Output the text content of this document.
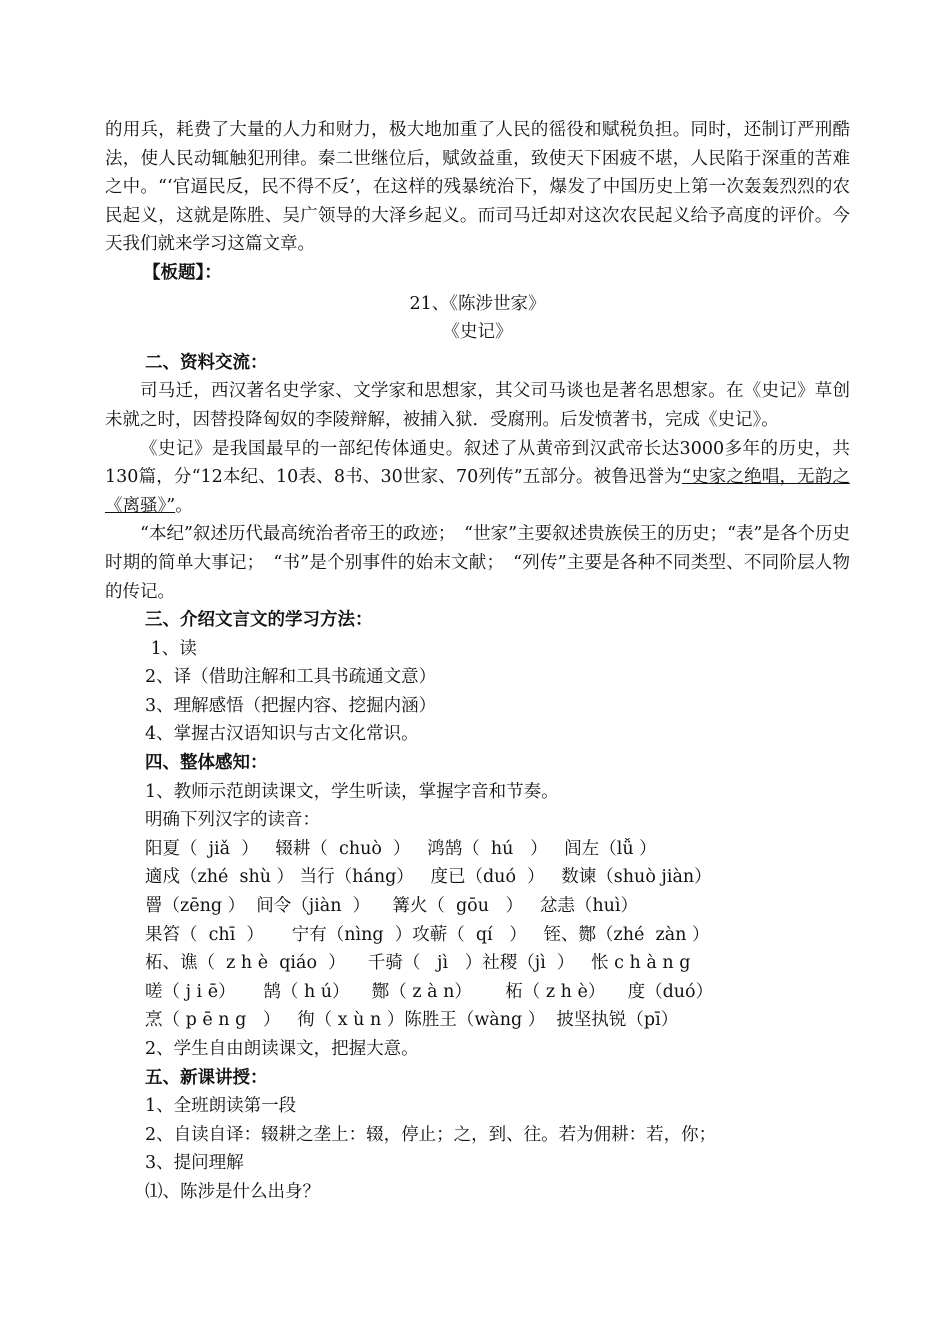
的用兵，耗费了大量的人力和财力，极大地加重了人民的徭役和赋税负担。同时，还制订严刑酷法，使人民动辄触犯刑律。秦二世继位后，赋敛益重，致使天下困疲不堪，人民陷于深重的苦难之中。“‘官逼民反，民不得不反’，在这样的残暴统治下，爆发了中国历史上第一次轰轰烈烈的农民起义，这就是陈胜、吴广领导的大泽乡起义。而司马迁却对这次农民起义给予高度的评价。今天我们就来学习这篇文章。

【板题】：

21、《陈涉世家》

《史记》

二、资料交流：

司马迁，西汉著名史学家、文学家和思想家，其父司马谈也是著名思想家。在《史记》草创未就之时，因替投降匈奴的李陵辩解，被捕入狱．受腐刑。后发愤著书，完成《史记》。

《史记》是我国最早的一部纪传体通史。叙述了从黄帝到汉武帝长达3000多年的历史，共130篇，分“12本纪、10表、8书、30世家、70列传”五部分。被鲁迅誉为“史家之绝唱，无韵之《离骚》”。

“本纪”叙述历代最高统治者帝王的政迹；　“世家”主要叙述贵族侯王的历史；“表”是各个历史时期的简单大事记；　“书”是个别事件的始末文献；　“列传”主要是各种不同类型、不同阶层人物的传记。

三、介绍文言文的学习方法：

1、读

2、译（借助注解和工具书疏通文意）

3、理解感悟（把握内容、挖掘内涵）

4、掌握古汉语知识与古文化常识。

四、整体感知：

1、教师示范朗读课文，学生听读，掌握字音和节奏。

明确下列汉字的读音：

阳夏（  jiǎ  ）   辍耕（  chuò  ）   鸿鹄（  hú   ）   闾左（lǚ ）

適戍（zhé  shù ） 当行（háng）   度已（duó  ）   数谏（shuò jiàn）

罾（zēng ）  间令（jiàn  ）    篝火（  gōu   ）   忿恚（huì）

果笞（  chī  ）     宁有（nìng  ）攻蕲（  qí   ）   铚、酂（zhé  zàn ）

柘、谯（  z h è  qiáo  ）    千骑（   jì   ）社稷（jì  ）   怅 c h à n g

嗟（ j i ē）     鹄（ h ú）    酂（ z à n）      柘（ z h è）    度（duó）

烹（ p ē n g   ）   徇（ x ù n ）陈胜王（wàng ）  披坚执锐（pī）

2、学生自由朗读课文，把握大意。

五、新课讲授：

1、全班朗读第一段

2、自读自译：辍耕之垄上：辍，停止；之，到、往。若为佣耕：若，你；

3、提问理解

⑴、陈涉是什么出身？
